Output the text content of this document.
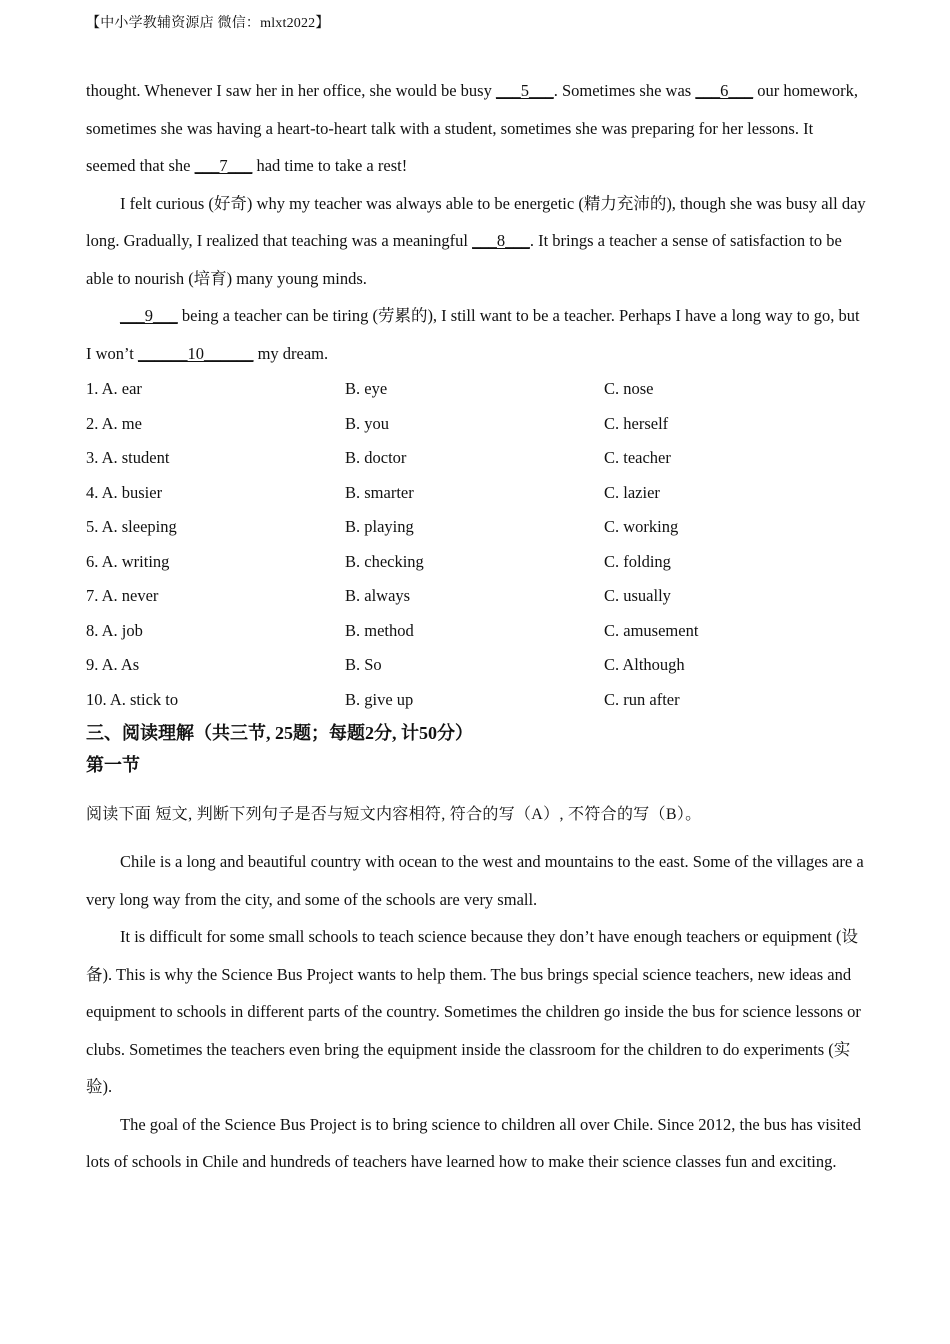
【中小学教辅资源店 微信：mlxt2022】

thought. Whenever I saw her in her office, she would be busy ___5___. Sometimes she was ___6___ our homework, sometimes she was having a heart-to-heart talk with a student, sometimes she was preparing for her lessons. It seemed that she ___7___ had time to take a rest!

I felt curious (好奇) why my teacher was always able to be energetic (精力充沛的), though she was busy all day long. Gradually, I realized that teaching was a meaningful ___8___. It brings a teacher a sense of satisfaction to be able to nourish (培育) many young minds.

___9___ being a teacher can be tiring (劳累的), I still want to be a teacher. Perhaps I have a long way to go, but I won’t ______10______ my dream.

1. A. ear	B. eye	C. nose
2. A. me	B. you	C. herself
3. A. student	B. doctor	C. teacher
4. A. busier	B. smarter	C. lazier
5. A. sleeping	B. playing	C. working
6. A. writing	B. checking	C. folding
7. A. never	B. always	C. usually
8. A. job	B. method	C. amusement
9. A. As	B. So	C. Although
10. A. stick to	B. give up	C. run after
三、阅读理解（共三节, 25题；每题2分, 计50分）
第一节
阅读下面 短文, 判断下列句子是否与短文内容相符, 符合的写（A）, 不符合的写（B）。

Chile is a long and beautiful country with ocean to the west and mountains to the east. Some of the villages are a very long way from the city, and some of the schools are very small.

It is difficult for some small schools to teach science because they don’t have enough teachers or equipment (设备). This is why the Science Bus Project wants to help them. The bus brings special science teachers, new ideas and equipment to schools in different parts of the country. Sometimes the children go inside the bus for science lessons or clubs. Sometimes the teachers even bring the equipment inside the classroom for the children to do experiments (实验).

The goal of the Science Bus Project is to bring science to children all over Chile. Since 2012, the bus has visited lots of schools in Chile and hundreds of teachers have learned how to make their science classes fun and exciting.
